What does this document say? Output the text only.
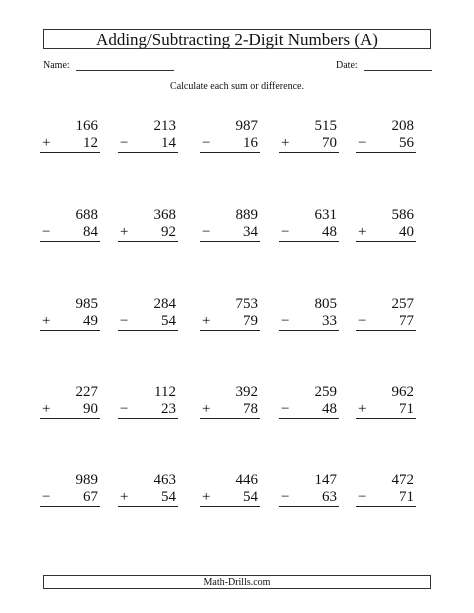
Adding/Subtracting 2-Digit Numbers (A)
Name:	Date:
Calculate each sum or difference.
166
+	12
213
−	14
987
−	16
515
+	70
208
−	56
688
−	84
368
+	92
889
−	34
631
−	48
586
+	40
985
+	49
284
−	54
753
+	79
805
−	33
257
−	77
227
+	90
112
−	23
392
+	78
259
−	48
962
+	71
989
−	67
463
+	54
446
+	54
147
−	63
472
−	71
Math-Drills.com
